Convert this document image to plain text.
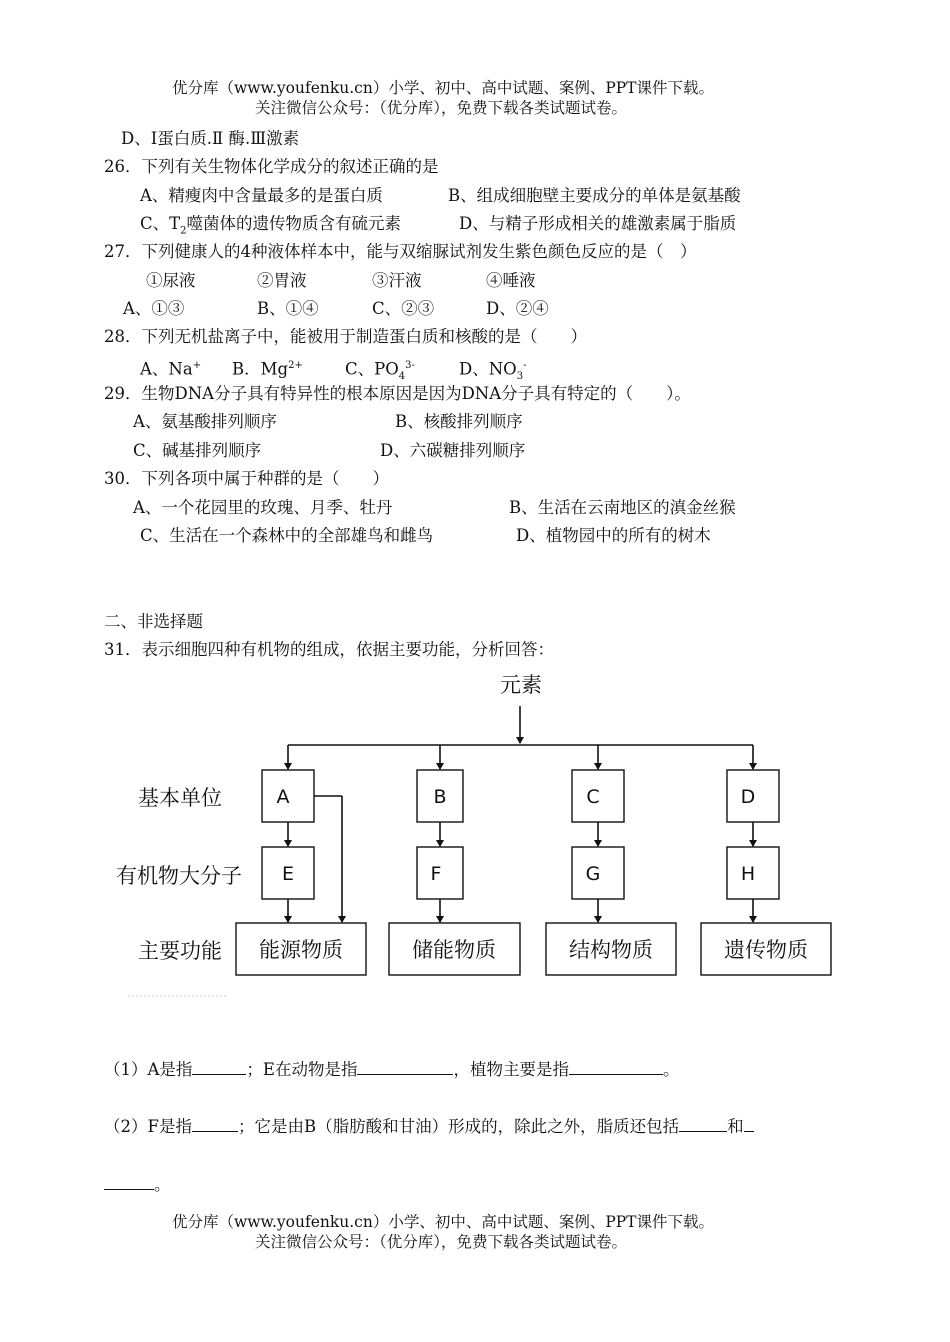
优分库（www.youfenku.cn）小学、初中、高中试题、案例、PPT课件下载。
关注微信公众号：（优分库），免费下载各类试题试卷。
D、Ⅰ蛋白质.Ⅱ 酶.Ⅲ激素
26．下列有关生物体化学成分的叙述正确的是
A、精瘦肉中含量最多的是蛋白质	B、组成细胞壁主要成分的单体是氨基酸
C、$T_2$噬菌体的遗传物质含有硫元素	D、与精子形成相关的雄激素属于脂质
27．下列健康人的4种液体样本中，能与双缩脲试剂发生紫色颜色反应的是（　）
①尿液	②胃液	③汗液	④唾液
A、①③	B、①④	C、②③	D、②④
28．下列无机盐离子中，能被用于制造蛋白质和核酸的是（　　）
A、Na+ B．$Mg^{2+}$	C、$PO_4^{3-}$	D、$NO_3^-$
29．生物DNA分子具有特异性的根本原因是因为DNA分子具有特定的（　　）。
A、氨基酸排列顺序	B、核酸排列顺序
C、碱基排列顺序	D、六碳糖排列顺序
30．下列各项中属于种群的是（　　）
A、一个花园里的玫瑰、月季、牡丹	B、生活在云南地区的滇金丝猴
C、生活在一个森林中的全部雄鸟和雌鸟	D、植物园中的所有的树木
二、非选择题
31．表示细胞四种有机物的组成，依据主要功能，分析回答：
元素
基本单位
有机物大分子
主要功能
A	B	C	D
E	F	G	H
能源物质	储能物质	结构物质	遗传物质
（1）A是指	；E在动物是指	，植物主要是指	。
（2）F是指	；它是由B（脂肪酸和甘油）形成的，除此之外，脂质还包括	和
。
优分库（www.youfenku.cn）小学、初中、高中试题、案例、PPT课件下载。
关注微信公众号：（优分库），免费下载各类试题试卷。
